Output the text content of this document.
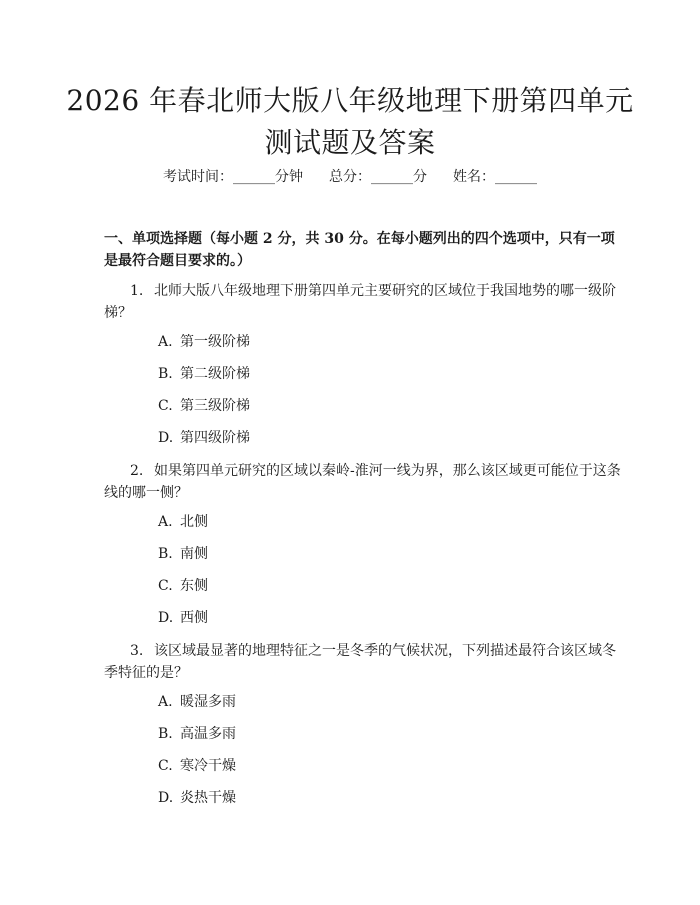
2026 年春北师大版八年级地理下册第四单元
测试题及答案
考试时间：______分钟 总分：______分 姓名：______
一、单项选择题（每小题 2 分，共 30 分。在每小题列出的四个选项中，只有一项是最符合题目要求的。）
1. 北师大版八年级地理下册第四单元主要研究的区域位于我国地势的哪一级阶梯？
A. 第一级阶梯
B. 第二级阶梯
C. 第三级阶梯
D. 第四级阶梯
2. 如果第四单元研究的区域以秦岭-淮河一线为界，那么该区域更可能位于这条线的哪一侧？
A. 北侧
B. 南侧
C. 东侧
D. 西侧
3. 该区域最显著的地理特征之一是冬季的气候状况，下列描述最符合该区域冬季特征的是？
A. 暖湿多雨
B. 高温多雨
C. 寒冷干燥
D. 炎热干燥
